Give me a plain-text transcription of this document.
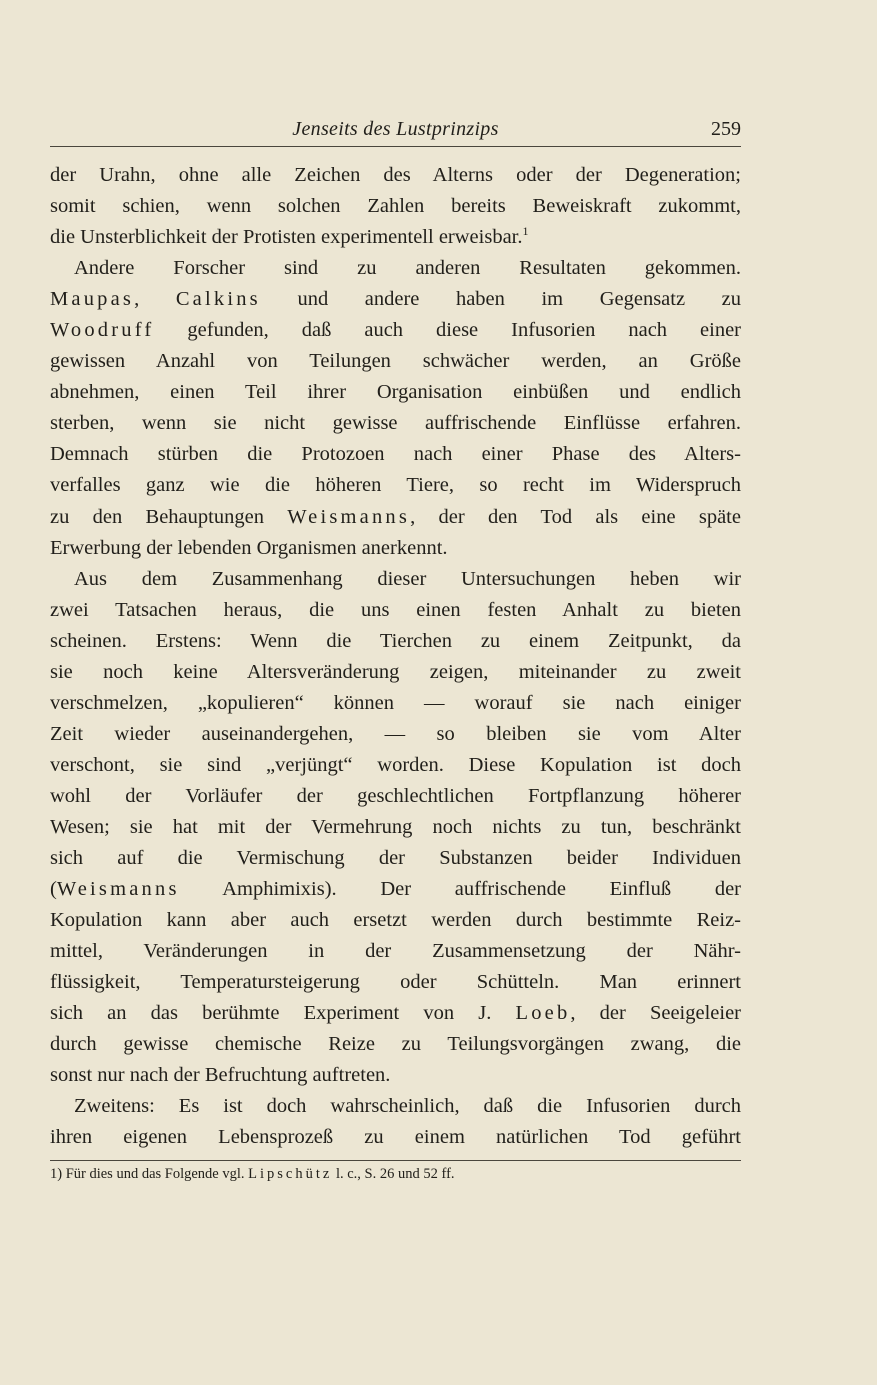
Jenseits des Lustprinzips	259
der Urahn, ohne alle Zeichen des Alterns oder der Degeneration;
somit schien, wenn solchen Zahlen bereits Beweiskraft zukommt,
die Unsterblichkeit der Protisten experimentell erweisbar.$^1$
Andere Forscher sind zu anderen Resultaten gekommen.
Maupas, Calkins und andere haben im Gegensatz zu
Woodruff gefunden, daß auch diese Infusorien nach einer
gewissen Anzahl von Teilungen schwächer werden, an Größe
abnehmen, einen Teil ihrer Organisation einbüßen und endlich
sterben, wenn sie nicht gewisse auffrischende Einflüsse erfahren.
Demnach stürben die Protozoen nach einer Phase des Alters-
verfalles ganz wie die höheren Tiere, so recht im Widerspruch
zu den Behauptungen Weismanns, der den Tod als eine späte
Erwerbung der lebenden Organismen anerkennt.
Aus dem Zusammenhang dieser Untersuchungen heben wir
zwei Tatsachen heraus, die uns einen festen Anhalt zu bieten
scheinen. Erstens: Wenn die Tierchen zu einem Zeitpunkt, da
sie noch keine Altersveränderung zeigen, miteinander zu zweit
verschmelzen, „kopulieren“ können — worauf sie nach einiger
Zeit wieder auseinandergehen, — so bleiben sie vom Alter
verschont, sie sind „verjüngt“ worden. Diese Kopulation ist doch
wohl der Vorläufer der geschlechtlichen Fortpflanzung höherer
Wesen; sie hat mit der Vermehrung noch nichts zu tun, beschränkt
sich auf die Vermischung der Substanzen beider Individuen
(Weismanns Amphimixis). Der auffrischende Einfluß der
Kopulation kann aber auch ersetzt werden durch bestimmte Reiz-
mittel, Veränderungen in der Zusammensetzung der Nähr-
flüssigkeit, Temperatursteigerung oder Schütteln. Man erinnert
sich an das berühmte Experiment von J. Loeb, der Seeigeleier
durch gewisse chemische Reize zu Teilungsvorgängen zwang, die
sonst nur nach der Befruchtung auftreten.
Zweitens: Es ist doch wahrscheinlich, daß die Infusorien durch
ihren eigenen Lebensprozeß zu einem natürlichen Tod geführt
1) Für dies und das Folgende vgl. Lipschütz l. c., S. 26 und 52 ff.
